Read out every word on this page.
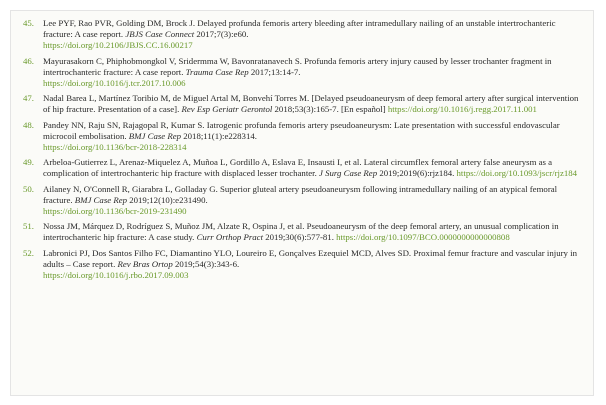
45.	Lee PYF, Rao PVR, Golding DM, Brock J. Delayed profunda femoris artery bleeding after intramedullary nailing of an unstable intertrochanteric fracture: A case report. JBJS Case Connect 2017;7(3):e60.
https://doi.org/10.2106/JBJS.CC.16.00217
46.	Mayurasakorn C, Phiphobmongkol V, Sridermma W, Bavonratanavech S. Profunda femoris artery injury caused by lesser trochanter fragment in intertrochanteric fracture: A case report. Trauma Case Rep 2017;13:14-7.
https://doi.org/10.1016/j.tcr.2017.10.006
47.	Nadal Barea L, Martínez Toribio M, de Miguel Artal M, Bonvehí Torres M. [Delayed pseudoaneurysm of deep femoral artery after surgical intervention of hip fracture. Presentation of a case]. Rev Esp Geriatr Gerontol 2018;53(3):165-7. [En español] https://doi.org/10.1016/j.regg.2017.11.001
48.	Pandey NN, Raju SN, Rajagopal R, Kumar S. Iatrogenic profunda femoris artery pseudoaneurysm: Late presentation with successful endovascular microcoil embolisation. BMJ Case Rep 2018;11(1):e228314.
https://doi.org/10.1136/bcr-2018-228314
49.	Arbeloa-Gutierrez L, Arenaz-Miquelez A, Muñoa L, Gordillo A, Eslava E, Insausti I, et al. Lateral circumflex femoral artery false aneurysm as a complication of intertrochanteric hip fracture with displaced lesser trochanter. J Surg Case Rep 2019;2019(6):rjz184. https://doi.org/10.1093/jscr/rjz184
50.	Ailaney N, O'Connell R, Giarabra L, Golladay G. Superior gluteal artery pseudoaneurysm following intramedullary nailing of an atypical femoral fracture. BMJ Case Rep 2019;12(10):e231490.
https://doi.org/10.1136/bcr-2019-231490
51.	Nossa JM, Márquez D, Rodríguez S, Muñoz JM, Alzate R, Ospina J, et al. Pseudoaneurysm of the deep femoral artery, an unusual complication in intertrochanteric hip fracture: A case study. Curr Orthop Pract 2019;30(6):577-81. https://doi.org/10.1097/BCO.0000000000000808
52.	Labronici PJ, Dos Santos Filho FC, Diamantino YLO, Loureiro E, Gonçalves Ezequiel MCD, Alves SD. Proximal femur fracture and vascular injury in adults – Case report. Rev Bras Ortop 2019;54(3):343-6.
https://doi.org/10.1016/j.rbo.2017.09.003
